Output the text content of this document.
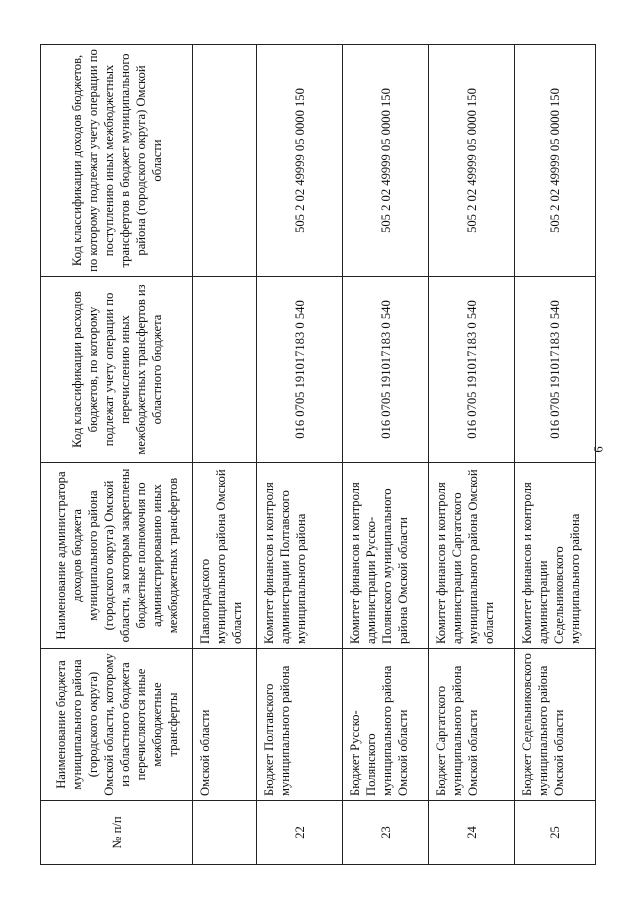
6
№ п/п	Наименование бюджета муниципального района (городского округа) Омской области, которому из областного бюджета перечисляются иные межбюджетные трансферты	Наименование администратора доходов бюджета муниципального района (городского округа) Омской области, за которым закреплены бюджетные полномочия по администрированию иных межбюджетных трансфертов	Код классификации расходов бюджетов, по которому подлежат учету операции по перечислению иных межбюджетных трансфертов из областного бюджета	Код классификации доходов бюджетов, по которому подлежат учету операции по поступлению иных межбюджетных трансфертов в бюджет муниципального района (городского округа) Омской области
	Омской области	Павлоградского муниципального района Омской области		
22	Бюджет Полтавского муниципального района	Комитет финансов и контроля администрации Полтавского муниципального района	016 0705 191017183 0 540	505 2 02 49999 05 0000 150
23	Бюджет Русско-Полянского муниципального района Омской области	Комитет финансов и контроля администрации Русско-Полянского муниципального района Омской области	016 0705 191017183 0 540	505 2 02 49999 05 0000 150
24	Бюджет Саргатского муниципального района Омской области	Комитет финансов и контроля администрации Саргатского муниципального района Омской области	016 0705 191017183 0 540	505 2 02 49999 05 0000 150
25	Бюджет Седельниковского муниципального района Омской области	Комитет финансов и контроля администрации Седельниковского муниципального района	016 0705 191017183 0 540	505 2 02 49999 05 0000 150
